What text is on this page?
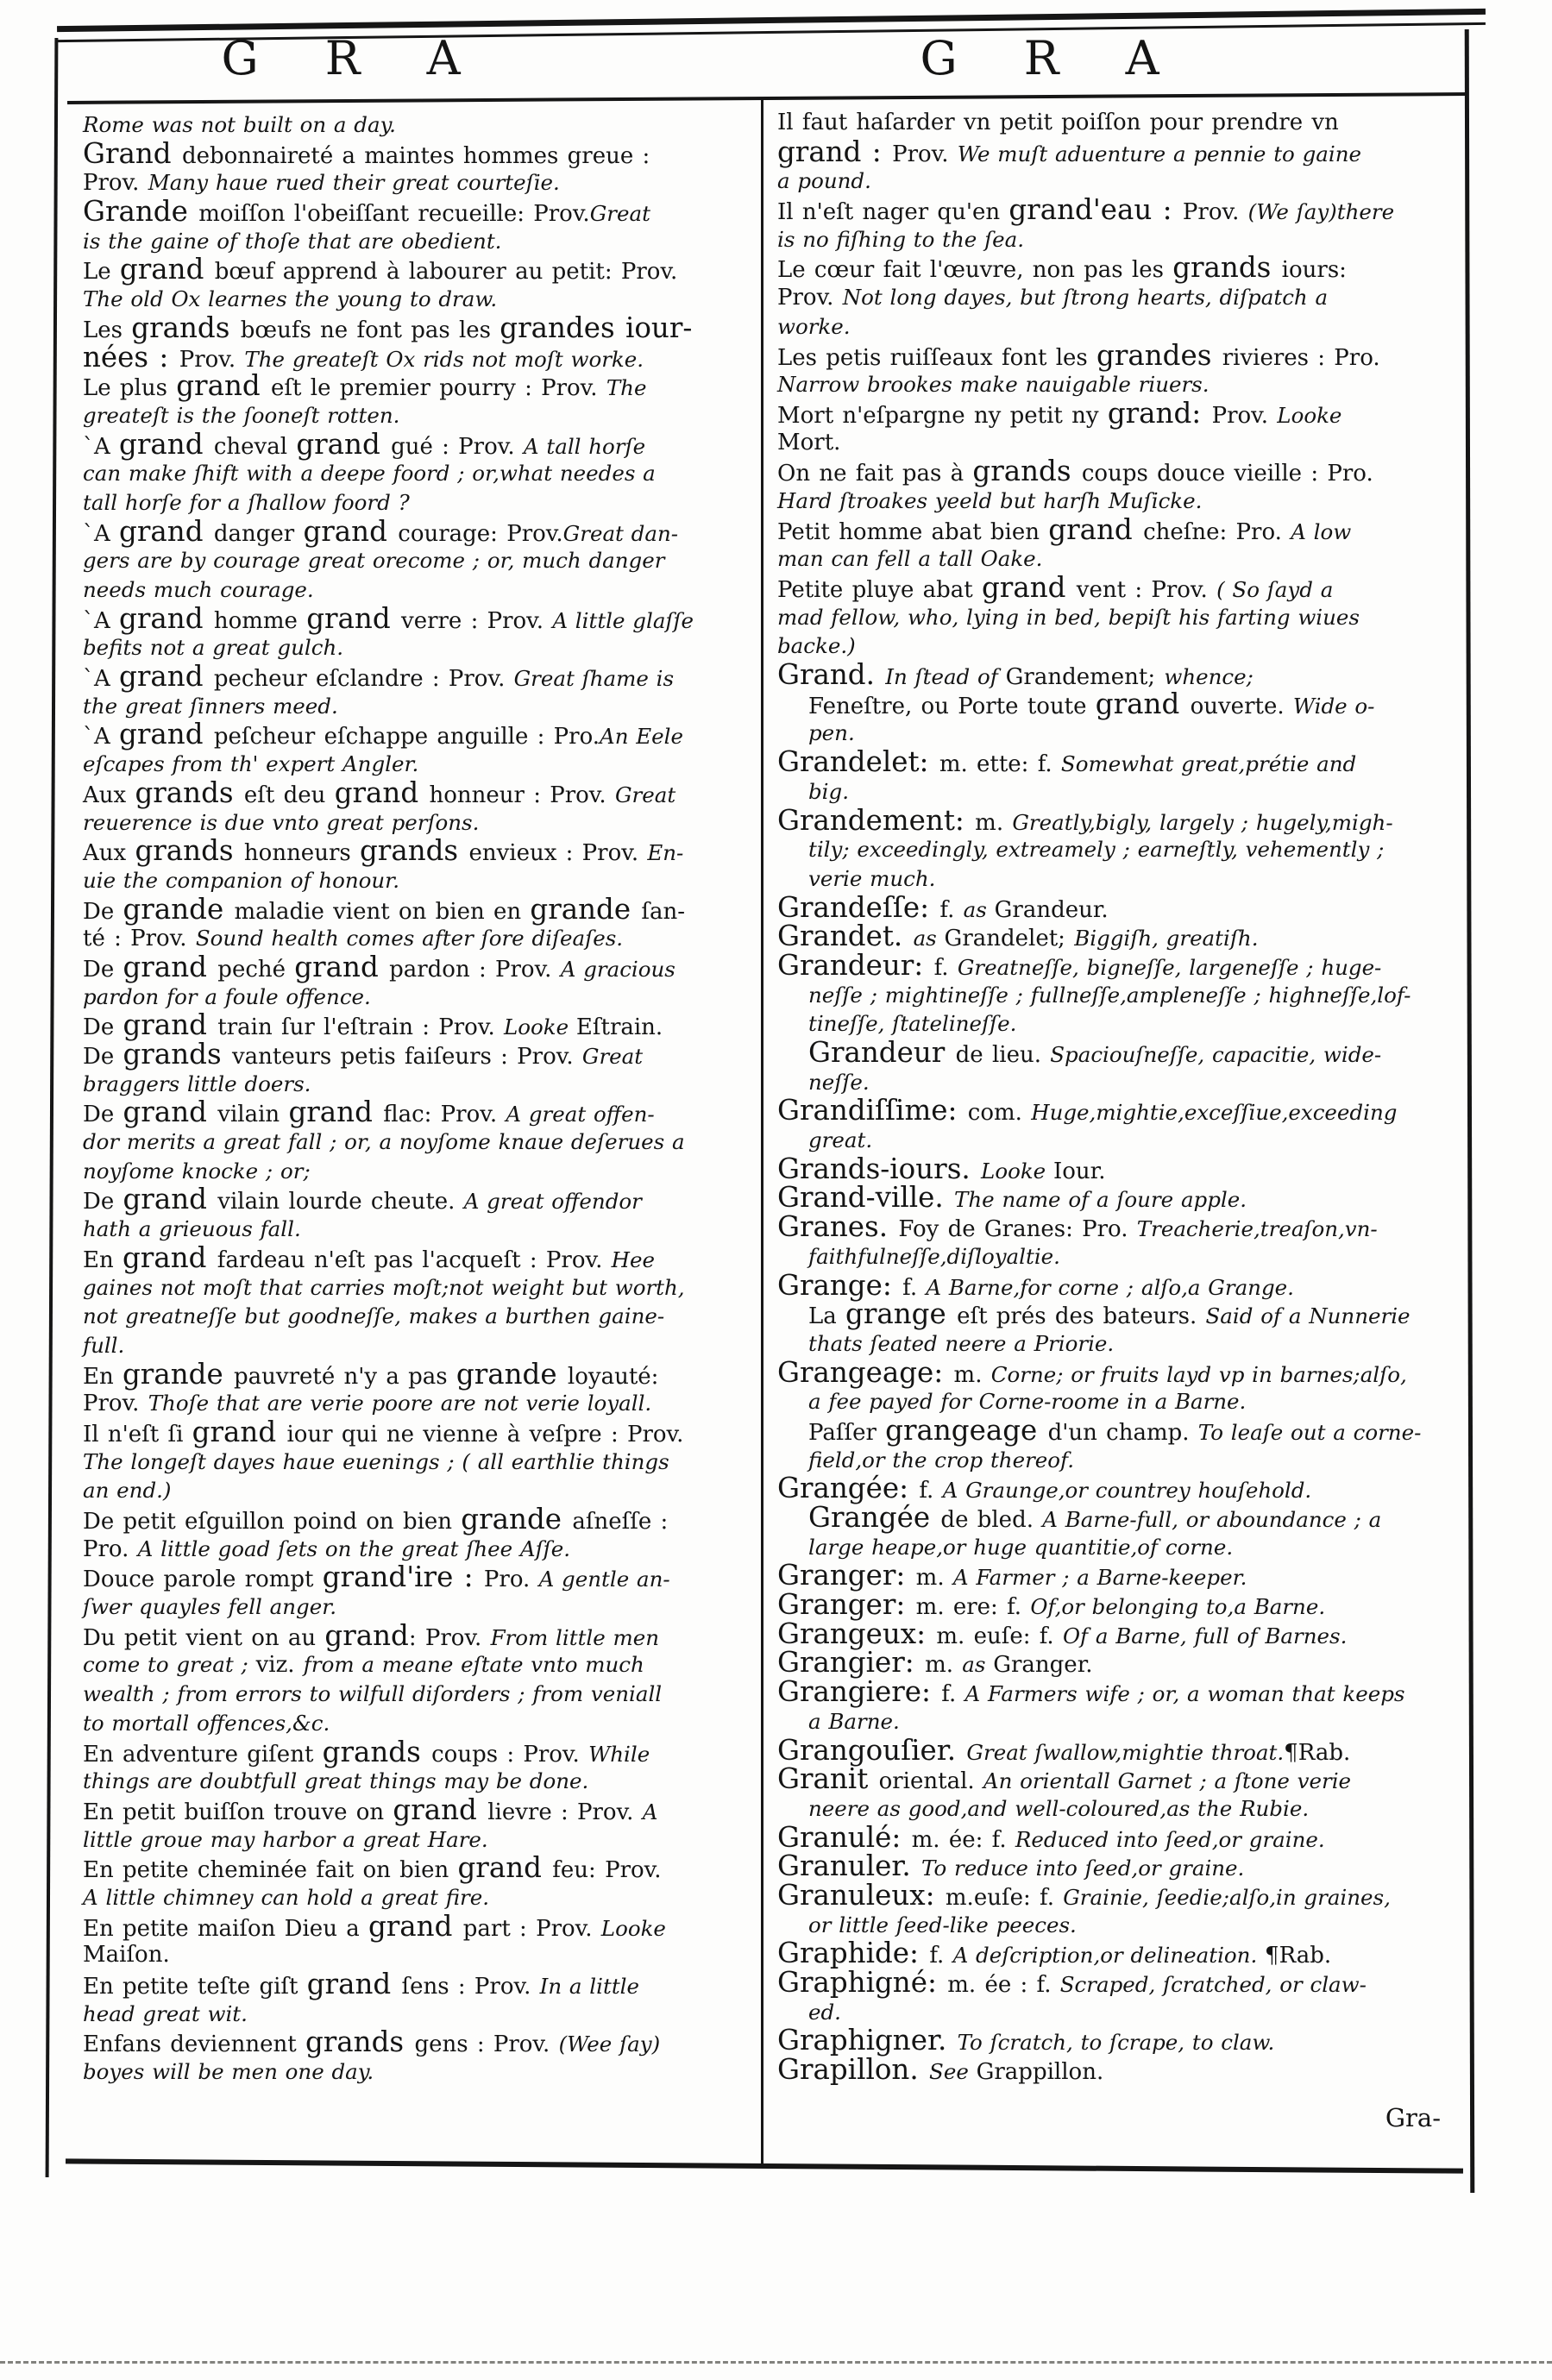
G R A	G R A
Rome was not built on a day.
Grand debonnaireté a maintes hommes greue :
Prov. Many haue rued their great courteſie.
Grande moiſſon l'obeiſſant recueille: Prov.Great
is the gaine of thoſe that are obedient.
Le grand bœuf apprend à labourer au petit: Prov.
The old Ox learnes the young to draw.
Les grands bœufs ne font pas les grandes iour-
nées : Prov. The greateſt Ox rids not moſt worke.
Le plus grand eſt le premier pourry : Prov. The
greateſt is the ſooneſt rotten.
`A grand cheval grand gué : Prov. A tall horſe
can make ſhift with a deepe foord ; or,what needes a
tall horſe for a ſhallow foord ?
`A grand danger grand courage: Prov.Great dan-
gers are by courage great orecome ; or, much danger
needs much courage.
`A grand homme grand verre : Prov. A little glaſſe
befits not a great gulch.
`A grand pecheur eſclandre : Prov. Great ſhame is
the great ſinners meed.
`A grand peſcheur eſchappe anguille : Pro.An Eele
eſcapes from th' expert Angler.
Aux grands eſt deu grand honneur : Prov. Great
reuerence is due vnto great perſons.
Aux grands honneurs grands envieux : Prov. En-
uie the companion of honour.
De grande maladie vient on bien en grande ſan-
té : Prov. Sound health comes after ſore diſeaſes.
De grand peché grand pardon : Prov. A gracious
pardon for a foule offence.
De grand train ſur l'eſtrain : Prov. Looke Eſtrain.
De grands vanteurs petis faiſeurs : Prov. Great
braggers little doers.
De grand vilain grand flac: Prov. A great offen-
dor merits a great fall ; or, a noyſome knaue deſerues a
noyſome knocke ; or;
De grand vilain lourde cheute. A great offendor
hath a grieuous fall.
En grand fardeau n'eſt pas l'acqueſt : Prov. Hee
gaines not moſt that carries moſt;not weight but worth,
not greatneſſe but goodneſſe, makes a burthen gaine-
full.
En grande pauvreté n'y a pas grande loyauté:
Prov. Thoſe that are verie poore are not verie loyall.
Il n'eſt ſi grand iour qui ne vienne à veſpre : Prov.
The longeſt dayes haue euenings ; ( all earthlie things
an end.)
De petit eſguillon poind on bien grande aſneſſe :
Pro. A little goad ſets on the great ſhee Aſſe.
Douce parole rompt grand'ire : Pro. A gentle an-
ſwer quayles fell anger.
Du petit vient on au grand: Prov. From little men
come to great ; viz. from a meane eſtate vnto much
wealth ; from errors to wilfull diſorders ; from veniall
to mortall offences,&c.
En adventure giſent grands coups : Prov. While
things are doubtfull great things may be done.
En petit buiſſon trouve on grand lievre : Prov. A
little groue may harbor a great Hare.
En petite cheminée fait on bien grand feu: Prov.
A little chimney can hold a great fire.
En petite maiſon Dieu a grand part : Prov. Looke
Maiſon.
En petite teſte giſt grand ſens : Prov. In a little
head great wit.
Enfans deviennent grands gens : Prov. (Wee ſay)
boyes will be men one day.
Il faut haſarder vn petit poiſſon pour prendre vn
grand : Prov. We muſt aduenture a pennie to gaine
a pound.
Il n'eſt nager qu'en grand'eau : Prov. (We ſay)there
is no fiſhing to the ſea.
Le cœur fait l'œuvre, non pas les grands iours:
Prov. Not long dayes, but ſtrong hearts, diſpatch a
worke.
Les petis ruiſſeaux font les grandes rivieres : Pro.
Narrow brookes make nauigable riuers.
Mort n'eſpargne ny petit ny grand: Prov. Looke
Mort.
On ne fait pas à grands coups douce vieille : Pro.
Hard ſtroakes yeeld but harſh Muſicke.
Petit homme abat bien grand cheſne: Pro. A low
man can fell a tall Oake.
Petite pluye abat grand vent : Prov. ( So ſayd a
mad fellow, who, lying in bed, bepiſt his farting wiues
backe.)
Grand. In ſtead of Grandement; whence;
Feneſtre, ou Porte toute grand ouverte. Wide o-
pen.
Grandelet: m. ette: f. Somewhat great,prétie and
big.
Grandement: m. Greatly,bigly, largely ; hugely,migh-
tily; exceedingly, extreamely ; earneſtly, vehemently ;
verie much.
Grandeſſe: f. as Grandeur.
Grandet. as Grandelet; Biggiſh, greatiſh.
Grandeur: f. Greatneſſe, bigneſſe, largeneſſe ; huge-
neſſe ; mightineſſe ; fullneſſe,ampleneſſe ; highneſſe,lof-
tineſſe, ſtatelineſſe.
Grandeur de lieu. Spaciouſneſſe, capacitie, wide-
neſſe.
Grandiſſime: com. Huge,mightie,exceſſiue,exceeding
great.
Grands-iours. Looke Iour.
Grand-ville. The name of a ſoure apple.
Granes. Foy de Granes: Pro. Treacherie,treaſon,vn-
faithfulneſſe,diſloyaltie.
Grange: f. A Barne,for corne ; alſo,a Grange.
La grange eſt prés des bateurs. Said of a Nunnerie
thats ſeated neere a Priorie.
Grangeage: m. Corne; or fruits layd vp in barnes;alſo,
a fee payed for Corne-roome in a Barne.
Paſſer grangeage d'un champ. To leaſe out a corne-
field,or the crop thereof.
Grangée: f. A Graunge,or countrey houſehold.
Grangée de bled. A Barne-full, or aboundance ; a
large heape,or huge quantitie,of corne.
Granger: m. A Farmer ; a Barne-keeper.
Granger: m. ere: f. Of,or belonging to,a Barne.
Grangeux: m. euſe: f. Of a Barne, full of Barnes.
Grangier: m. as Granger.
Grangiere: f. A Farmers wife ; or, a woman that keeps
a Barne.
Grangouſier. Great ſwallow,mightie throat.¶Rab.
Granit oriental. An orientall Garnet ; a ſtone verie
neere as good,and well-coloured,as the Rubie.
Granulé: m. ée: f. Reduced into ſeed,or graine.
Granuler. To reduce into ſeed,or graine.
Granuleux: m.euſe: f. Grainie, ſeedie;alſo,in graines,
or little ſeed-like peeces.
Graphide: f. A deſcription,or delineation. ¶Rab.
Graphigné: m. ée : f. Scraped, ſcratched, or claw-
ed.
Graphigner. To ſcratch, to ſcrape, to claw.
Grapillon. See Grappillon.
Gra-
